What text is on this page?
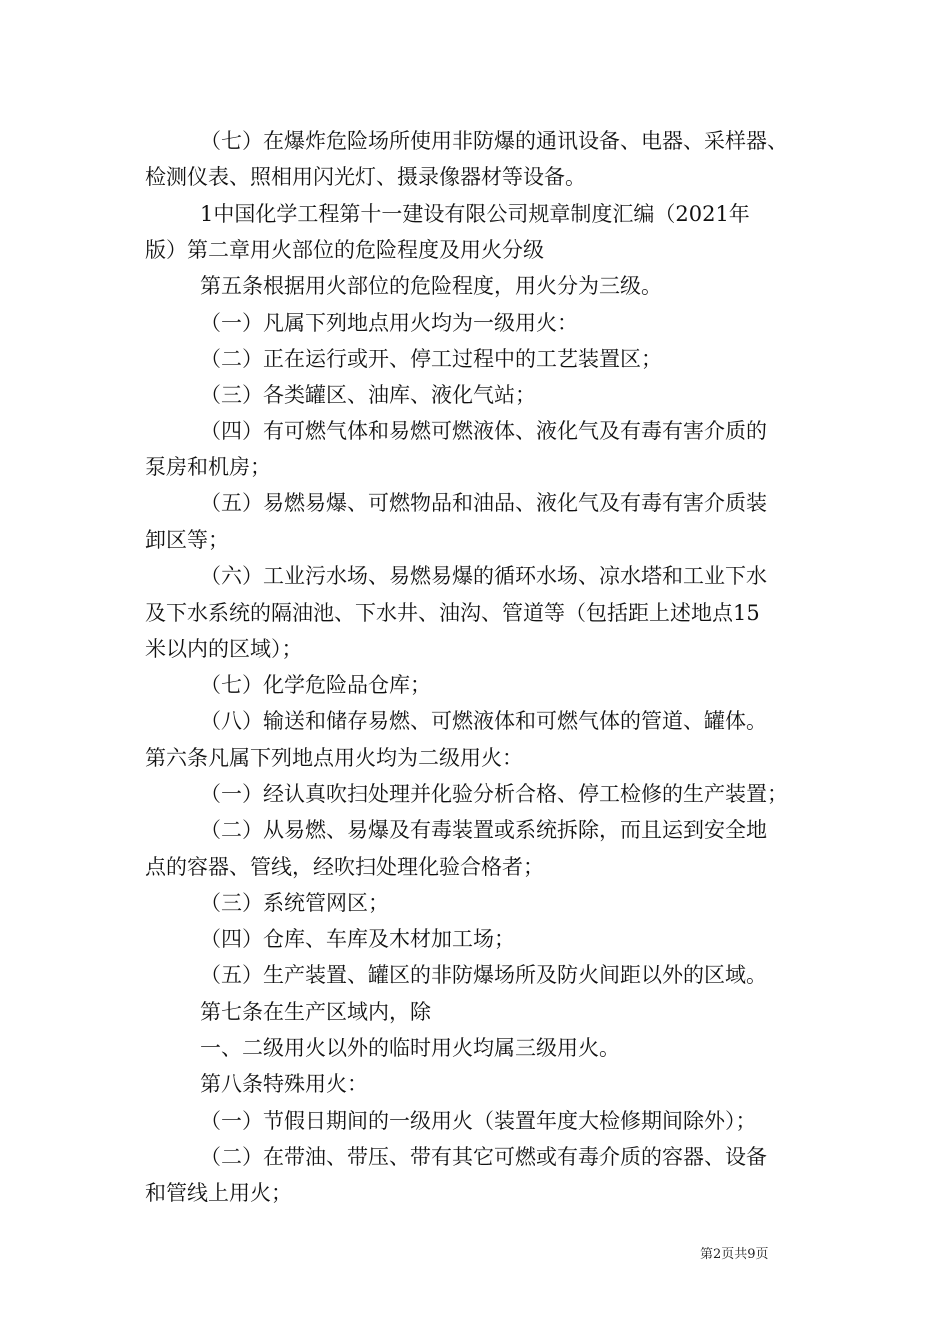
（七）在爆炸危险场所使用非防爆的通讯设备、电器、采样器、
检测仪表、照相用闪光灯、摄录像器材等设备。
1中国化学工程第十一建设有限公司规章制度汇编（2021年
版）第二章用火部位的危险程度及用火分级
第五条根据用火部位的危险程度，用火分为三级。
（一）凡属下列地点用火均为一级用火：
（二）正在运行或开、停工过程中的工艺装置区；
（三）各类罐区、油库、液化气站；
（四）有可燃气体和易燃可燃液体、液化气及有毒有害介质的
泵房和机房；
（五）易燃易爆、可燃物品和油品、液化气及有毒有害介质装
卸区等；
（六）工业污水场、易燃易爆的循环水场、凉水塔和工业下水
及下水系统的隔油池、下水井、油沟、管道等（包括距上述地点15
米以内的区域）；
（七）化学危险品仓库；
（八）输送和储存易燃、可燃液体和可燃气体的管道、罐体。
第六条凡属下列地点用火均为二级用火：
（一）经认真吹扫处理并化验分析合格、停工检修的生产装置；
（二）从易燃、易爆及有毒装置或系统拆除，而且运到安全地
点的容器、管线，经吹扫处理化验合格者；
（三）系统管网区；
（四）仓库、车库及木材加工场；
（五）生产装置、罐区的非防爆场所及防火间距以外的区域。
第七条在生产区域内，除
一、二级用火以外的临时用火均属三级用火。
第八条特殊用火：
（一）节假日期间的一级用火（装置年度大检修期间除外）；
（二）在带油、带压、带有其它可燃或有毒介质的容器、设备
和管线上用火；
第2页共9页
